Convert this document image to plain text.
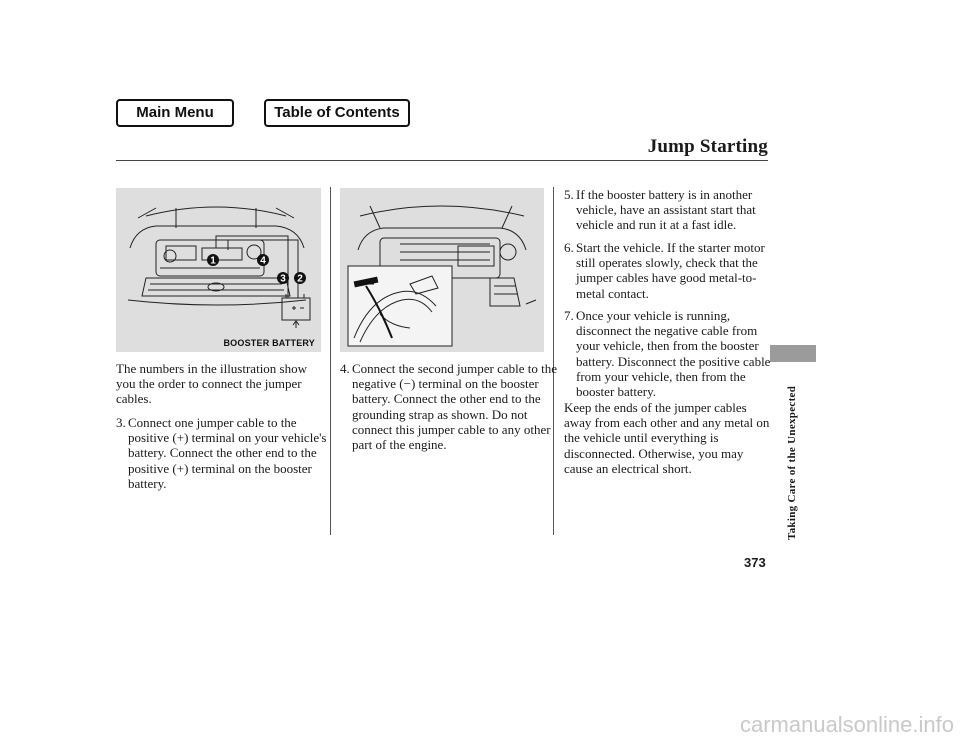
Main Menu	Table of Contents
Jump Starting
1	4
3 2
BOOSTER BATTERY

The numbers in the illustration show you the order to connect the jumper cables.

3. Connect one jumper cable to the positive (+) terminal on your vehicle's battery. Connect the other end to the positive (+) terminal on the booster battery.

4. Connect the second jumper cable to the negative (−) terminal on the booster battery. Connect the other end to the grounding strap as shown. Do not connect this jumper cable to any other part of the engine.

5. If the booster battery is in another vehicle, have an assistant start that vehicle and run it at a fast idle.

6. Start the vehicle. If the starter motor still operates slowly, check that the jumper cables have good metal-to-metal contact.

7. Once your vehicle is running, disconnect the negative cable from your vehicle, then from the booster battery. Disconnect the positive cable from your vehicle, then from the booster battery.

Keep the ends of the jumper cables away from each other and any metal on the vehicle until everything is disconnected. Otherwise, you may cause an electrical short.	Taking Care of the Unexpected
373
carmanualsonline.info
